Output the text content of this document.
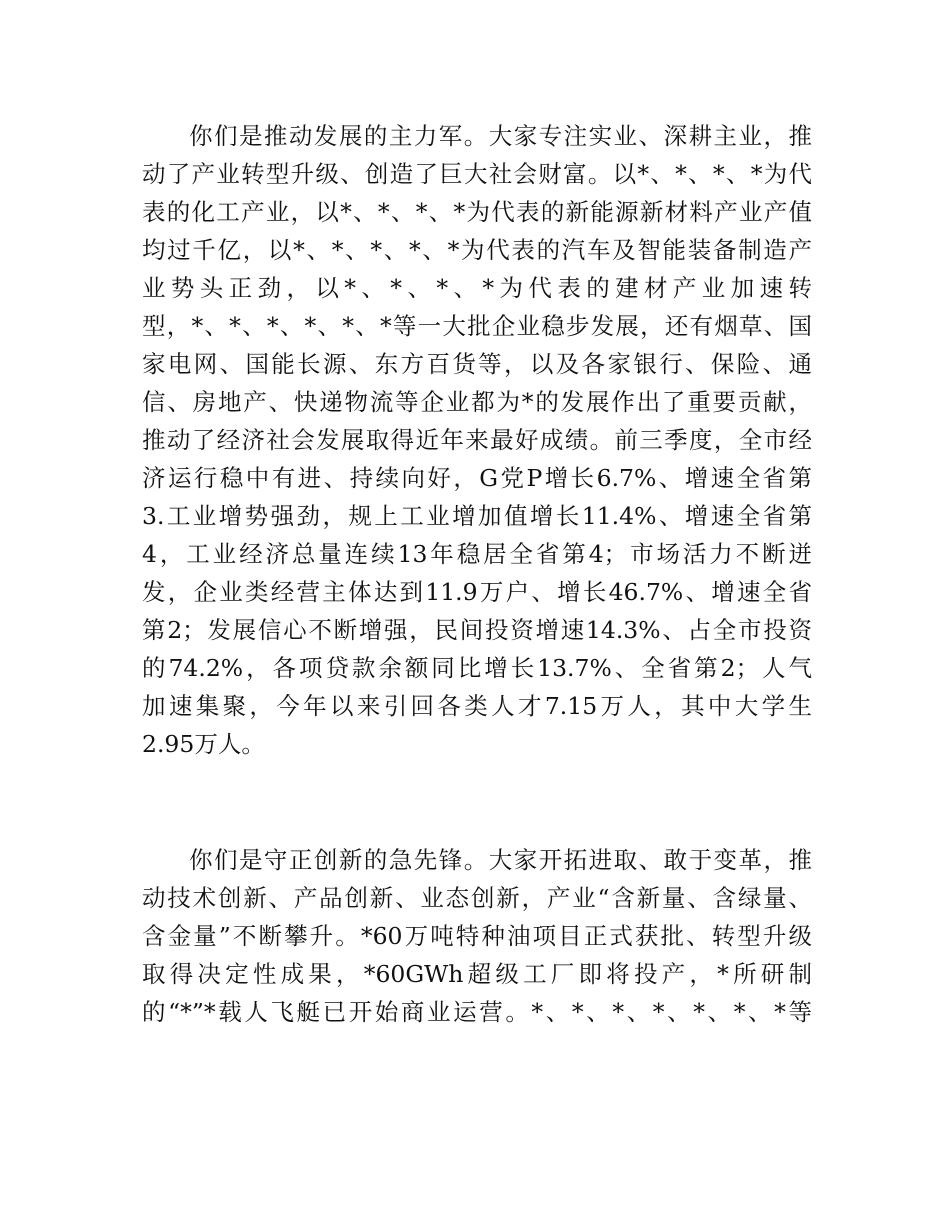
你们是推动发展的主力军。大家专注实业、深耕主业，推
动了产业转型升级、创造了巨大社会财富。以*、*、*、*为代
表的化工产业，以*、*、*、*为代表的新能源新材料产业产值
均过千亿，以*、*、*、*、*为代表的汽车及智能装备制造产
业势头正劲，以*、*、*、*为代表的建材产业加速转
型，*、*、*、*、*、*等一大批企业稳步发展，还有烟草、国
家电网、国能长源、东方百货等，以及各家银行、保险、通
信、房地产、快递物流等企业都为*的发展作出了重要贡献，
推动了经济社会发展取得近年来最好成绩。前三季度，全市经
济运行稳中有进、持续向好，G党P增长6.7%、增速全省第
3.工业增势强劲，规上工业增加值增长11.4%、增速全省第
4，工业经济总量连续13年稳居全省第4；市场活力不断迸
发，企业类经营主体达到11.9万户、增长46.7%、增速全省
第2；发展信心不断增强，民间投资增速14.3%、占全市投资
的74.2%，各项贷款余额同比增长13.7%、全省第2；人气
加速集聚，今年以来引回各类人才7.15万人，其中大学生
2.95万人。
你们是守正创新的急先锋。大家开拓进取、敢于变革，推
动技术创新、产品创新、业态创新，产业“含新量、含绿量、
含金量”不断攀升。*60万吨特种油项目正式获批、转型升级
取得决定性成果，*60GWh超级工厂即将投产，*所研制
的“*”*载人飞艇已开始商业运营。*、*、*、*、*、*、*等
